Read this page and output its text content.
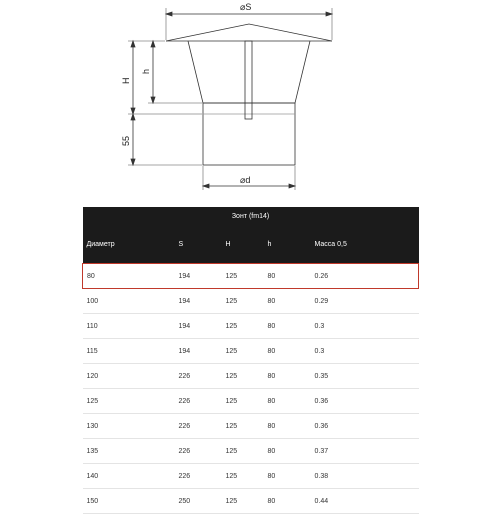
⌀S
⌀d
H
h
55
Зонт (fm14)				
Диаметр	S	H	h	Масса 0,5
80	194	125	80	0.26
100	194	125	80	0.29
110	194	125	80	0.3
115	194	125	80	0.3
120	226	125	80	0.35
125	226	125	80	0.36
130	226	125	80	0.36
135	226	125	80	0.37
140	226	125	80	0.38
150	250	125	80	0.44
